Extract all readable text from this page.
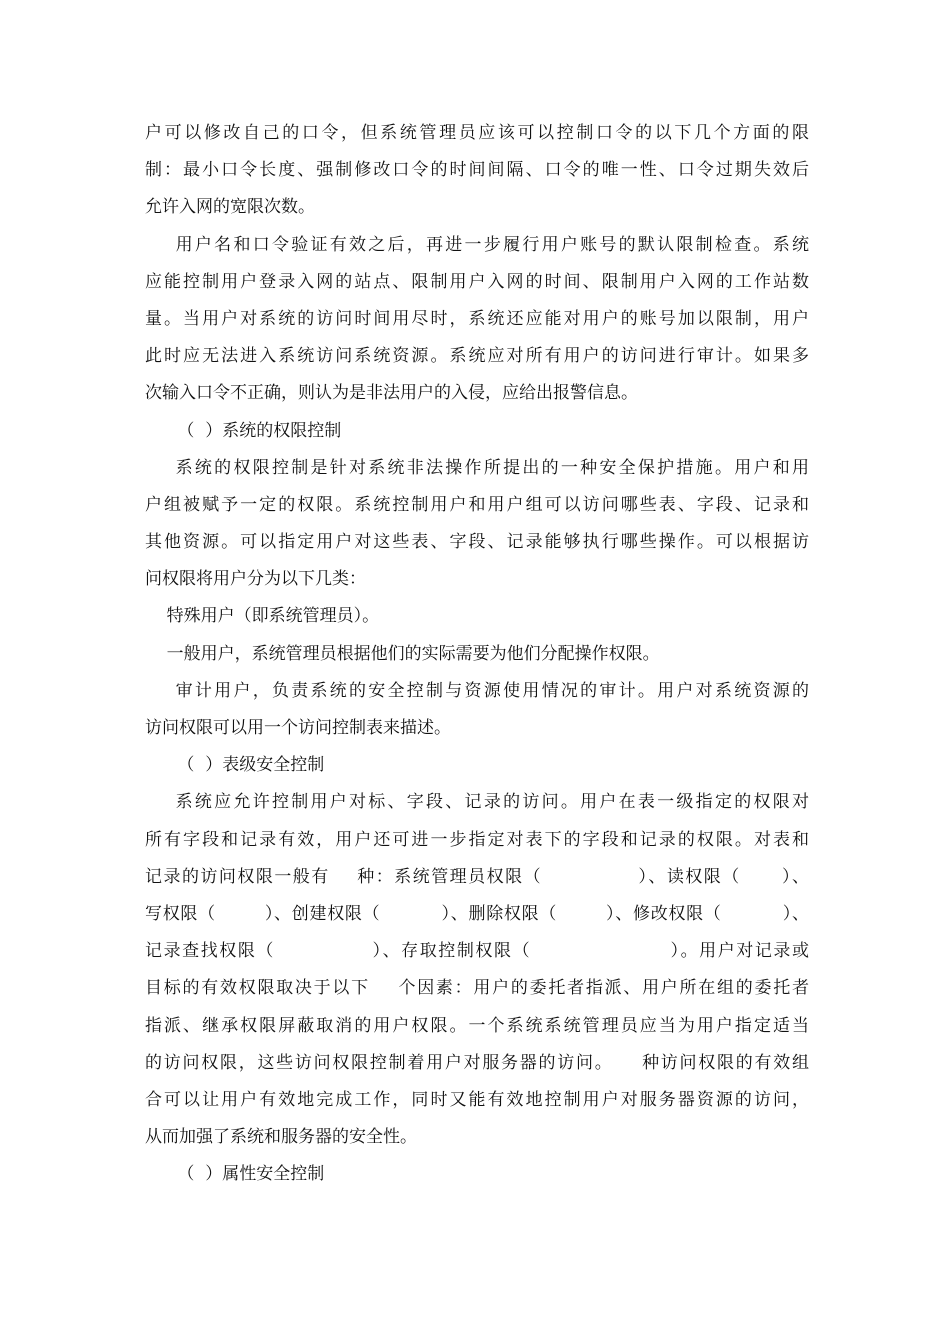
户可以修改自己的口令，但系统管理员应该可以控制口令的以下几个方面的限
制：最小口令长度、强制修改口令的时间间隔、口令的唯一性、口令过期失效后
允许入网的宽限次数。
用户名和口令验证有效之后，再进一步履行用户账号的默认限制检查。系统
应能控制用户登录入网的站点、限制用户入网的时间、限制用户入网的工作站数
量。当用户对系统的访问时间用尽时，系统还应能对用户的账号加以限制，用户
此时应无法进入系统访问系统资源。系统应对所有用户的访问进行审计。如果多
次输入口令不正确，则认为是非法用户的入侵，应给出报警信息。
（  ）系统的权限控制
系统的权限控制是针对系统非法操作所提出的一种安全保护措施。用户和用
户组被赋予一定的权限。系统控制用户和用户组可以访问哪些表、字段、记录和
其他资源。可以指定用户对这些表、字段、记录能够执行哪些操作。可以根据访
问权限将用户分为以下几类：
特殊用户（即系统管理员）。
一般用户，系统管理员根据他们的实际需要为他们分配操作权限。
审计用户，负责系统的安全控制与资源使用情况的审计。用户对系统资源的
访问权限可以用一个访问控制表来描述。
（  ）表级安全控制
系统应允许控制用户对标、字段、记录的访问。用户在表一级指定的权限对
所有字段和记录有效，用户还可进一步指定对表下的字段和记录的权限。对表和
记录的访问权限一般有    种：系统管理员权限（              ）、读权限（      ）、
写权限（        ）、创建权限（          ）、删除权限（        ）、修改权限（          ）、
记录查找权限（              ）、存取控制权限（                    ）。用户对记录或
目标的有效权限取决于以下    个因素：用户的委托者指派、用户所在组的委托者
指派、继承权限屏蔽取消的用户权限。一个系统系统管理员应当为用户指定适当
的访问权限，这些访问权限控制着用户对服务器的访问。    种访问权限的有效组
合可以让用户有效地完成工作，同时又能有效地控制用户对服务器资源的访问，
从而加强了系统和服务器的安全性。
（  ）属性安全控制
